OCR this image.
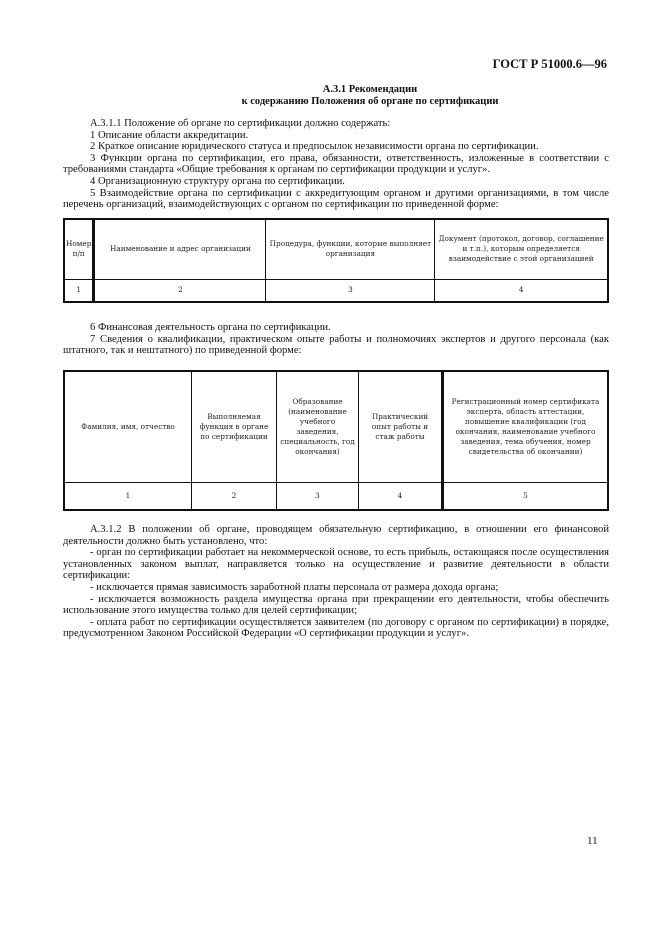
ГОСТ Р 51000.6—96
А.3.1 Рекомендации
к содержанию Положения об органе по сертификации

А.3.1.1 Положение об органе по сертификации должно содержать:

1 Описание области аккредитации.

2 Краткое описание юридического статуса и предпосылок независимости органа по сертификации.

3 Функции органа по сертификации, его права, обязанности, ответственность, изложенные в соответствии с требованиями стандарта «Общие требования к органам по сертификации продукции и услуг».

4 Организационную структуру органа по сертификации.

5 Взаимодействие органа по сертификации с аккредитующим органом и другими организациями, в том числе перечень организаций, взаимодействующих с органом по сертификации по приведенной форме:

Номер п/п	Наименование и адрес организации	Процедура, функции, которые выполняет организация	Документ (протокол, договор, соглашение и т.п.), которым определяется взаимодействие с этой организацией
1	2	3	4

6 Финансовая деятельность органа по сертификации.

7 Сведения о квалификации, практическом опыте работы и полномочиях экспертов и другого персонала (как штатного, так и нештатного) по приведенной форме:

Фамилия, имя, отчество	Выполняемая функция в органе по сертификации	Образование (наименование учебного заведения, специальность, год окончания)	Практический опыт работы и стаж работы	Регистрационный номер сертификата эксперта, область аттестации, повышение квалификации (год окончания, наименование учебного заведения, тема обучения, номер свидетельства об окончании)
1	2	3	4	5

А.3.1.2 В положении об органе, проводящем обязательную сертификацию, в отношении его финансовой деятельности должно быть установлено, что:

- орган по сертификации работает на некоммерческой основе, то есть прибыль, остающаяся после осуществления установленных законом выплат, направляется только на осуществление и развитие деятельности в области сертификации:

- исключается прямая зависимость заработной платы персонала от размера дохода органа;

- исключается возможность раздела имущества органа при прекращении его деятельности, чтобы обеспечить использование этого имущества только для целей сертификации;

- оплата работ по сертификации осуществляется заявителем (по договору с органом по сертификации) в порядке, предусмотренном Законом Российской Федерации «О сертификации продукции и услуг».

11
